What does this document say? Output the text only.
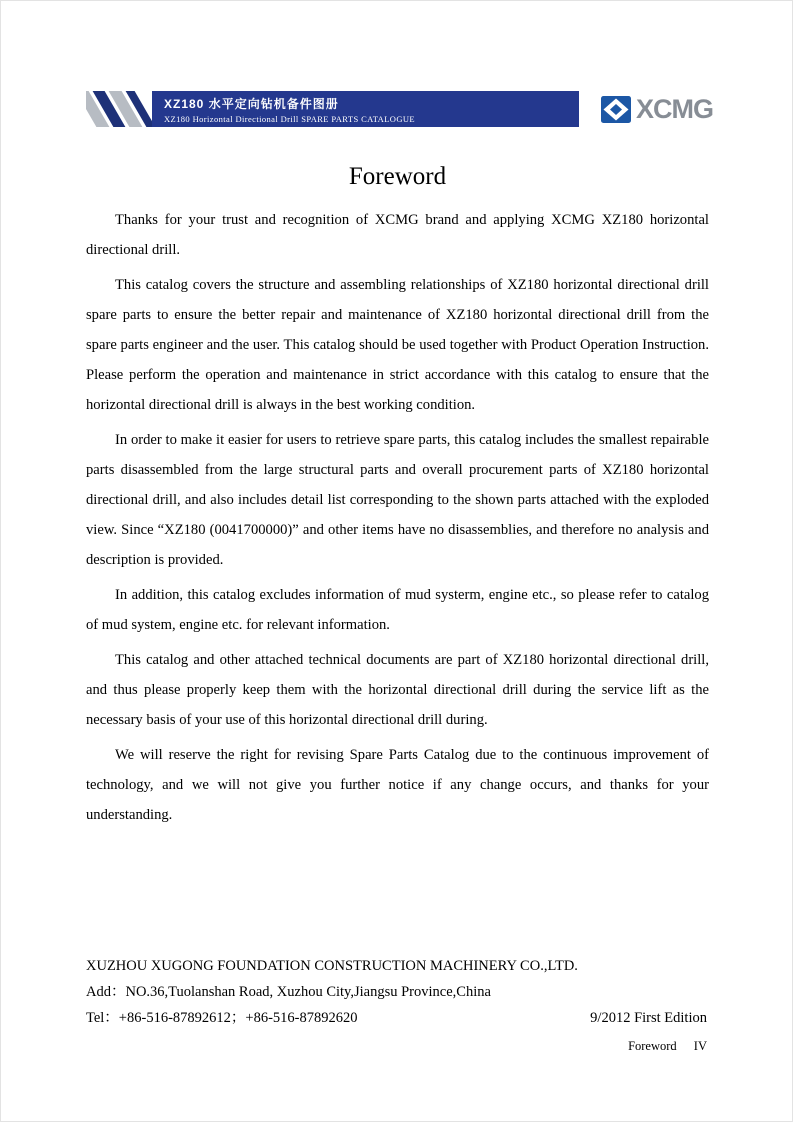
XZ180 水平定向钻机备件图册
XZ180 Horizontal Directional Drill SPARE PARTS CATALOGUE	XCMG
Foreword

Thanks for your trust and recognition of XCMG brand and applying XCMG XZ180 horizontal directional drill.

This catalog covers the structure and assembling relationships of XZ180 horizontal directional drill spare parts to ensure the better repair and maintenance of XZ180 horizontal directional drill from the spare parts engineer and the user. This catalog should be used together with Product Operation Instruction. Please perform the operation and maintenance in strict accordance with this catalog to ensure that the horizontal directional drill is always in the best working condition.

In order to make it easier for users to retrieve spare parts, this catalog includes the smallest repairable parts disassembled from the large structural parts and overall procurement parts of XZ180 horizontal directional drill, and also includes detail list corresponding to the shown parts attached with the exploded view. Since “XZ180 (0041700000)” and other items have no disassemblies, and therefore no analysis and description is provided.

In addition, this catalog excludes information of mud systerm, engine etc., so please refer to catalog of mud system, engine etc. for relevant information.

This catalog and other attached technical documents are part of XZ180 horizontal directional drill, and thus please properly keep them with the horizontal directional drill during the service lift as the necessary basis of your use of this horizontal directional drill during.

We will reserve the right for revising Spare Parts Catalog due to the continuous improvement of technology, and we will not give you further notice if any change occurs, and thanks for your understanding.

XUZHOU XUGONG FOUNDATION CONSTRUCTION MACHINERY CO.,LTD.
Add：NO.36,Tuolanshan Road, Xuzhou City,Jiangsu Province,China
Tel：+86-516-87892612；+86-516-87892620	9/2012 First Edition
Foreword IV
